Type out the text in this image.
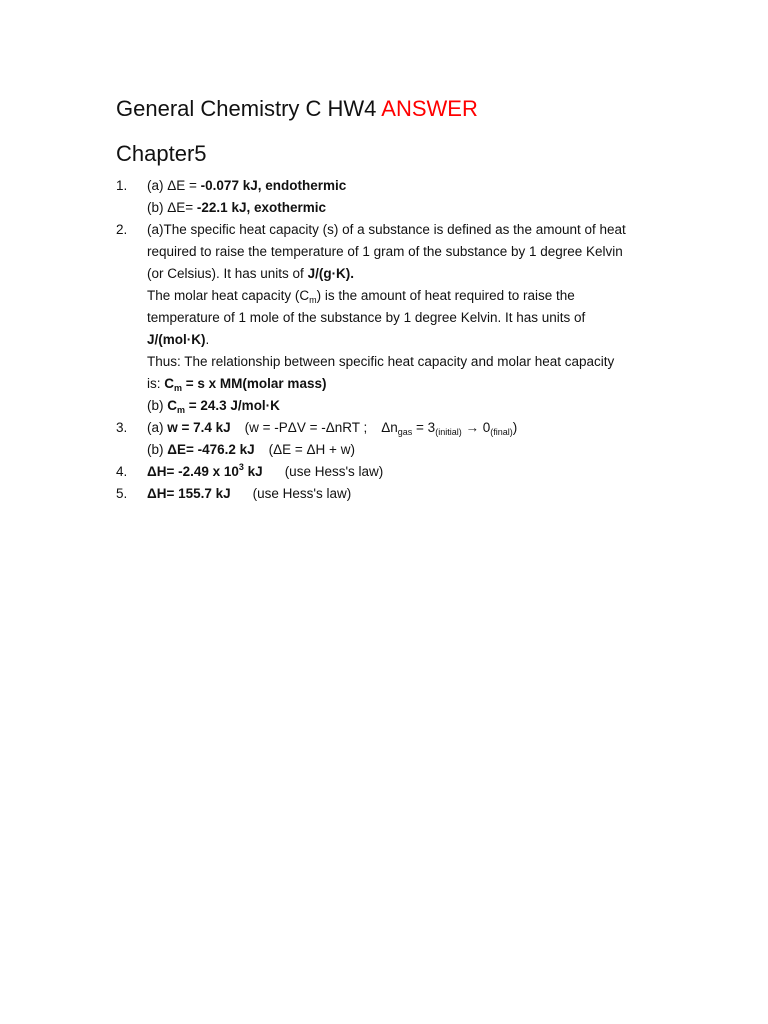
General Chemistry C HW4 ANSWER
Chapter5
1. (a) ΔE = -0.077 kJ, endothermic
(b) ΔE= -22.1 kJ, exothermic
2. (a)The specific heat capacity (s) of a substance is defined as the amount of heat
required to raise the temperature of 1 gram of the substance by 1 degree Kelvin
(or Celsius). It has units of J/(g·K).
The molar heat capacity $(C_m)$ is the amount of heat required to raise the
temperature of 1 mole of the substance by 1 degree Kelvin. It has units of
J/(mol·K).
Thus: The relationship between specific heat capacity and molar heat capacity
is: $C_m = s$ x MM(molar mass)
(b) $C_m = 24.3$ J/mol·K
3. (a) w = 7.4 kJ (w = -PΔV = -ΔnRT ; $\Delta n_{gas} = 3_{(initial)} \to 0_{(final)}$)
(b) ΔE= -476.2 kJ (ΔE = ΔH + w)
4. ΔH= -2.49 x $10^3$ kJ (use Hess's law)
5. ΔH= 155.7 kJ (use Hess's law)
